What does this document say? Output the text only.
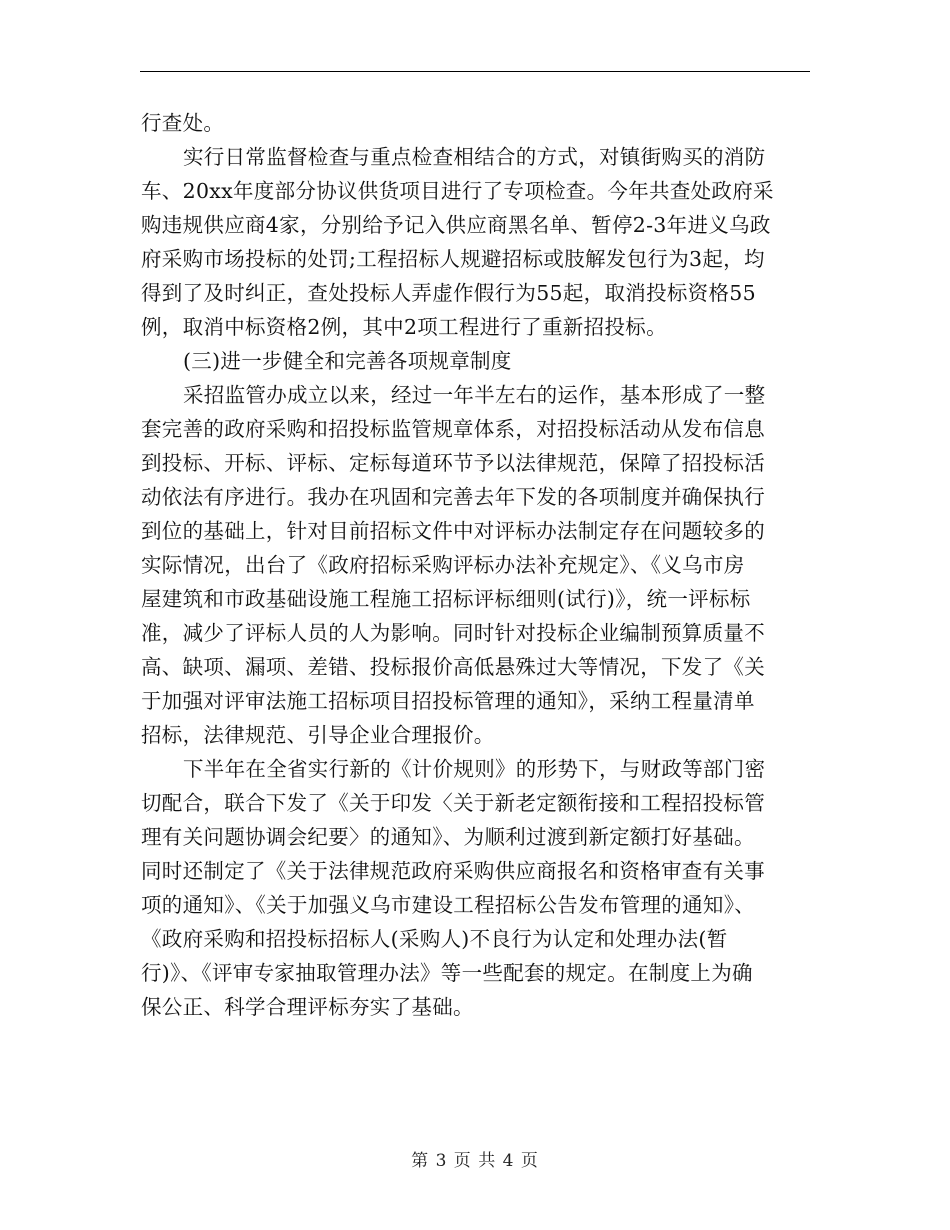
行查处。
实行日常监督检查与重点检查相结合的方式，对镇街购买的消防
车、20xx年度部分协议供货项目进行了专项检查。今年共查处政府采
购违规供应商4家，分别给予记入供应商黑名单、暂停2-3年进义乌政
府采购市场投标的处罚;工程招标人规避招标或肢解发包行为3起，均
得到了及时纠正，查处投标人弄虚作假行为55起，取消投标资格55
例，取消中标资格2例，其中2项工程进行了重新招投标。
(三)进一步健全和完善各项规章制度
采招监管办成立以来，经过一年半左右的运作，基本形成了一整
套完善的政府采购和招投标监管规章体系，对招投标活动从发布信息
到投标、开标、评标、定标每道环节予以法律规范，保障了招投标活
动依法有序进行。我办在巩固和完善去年下发的各项制度并确保执行
到位的基础上，针对目前招标文件中对评标办法制定存在问题较多的
实际情况，出台了《政府招标采购评标办法补充规定》、《义乌市房
屋建筑和市政基础设施工程施工招标评标细则(试行)》，统一评标标
准，减少了评标人员的人为影响。同时针对投标企业编制预算质量不
高、缺项、漏项、差错、投标报价高低悬殊过大等情况，下发了《关
于加强对评审法施工招标项目招投标管理的通知》，采纳工程量清单
招标，法律规范、引导企业合理报价。
下半年在全省实行新的《计价规则》的形势下，与财政等部门密
切配合，联合下发了《关于印发〈关于新老定额衔接和工程招投标管
理有关问题协调会纪要〉的通知》、为顺利过渡到新定额打好基础。
同时还制定了《关于法律规范政府采购供应商报名和资格审查有关事
项的通知》、《关于加强义乌市建设工程招标公告发布管理的通知》、
《政府采购和招投标招标人(采购人)不良行为认定和处理办法(暂
行)》、《评审专家抽取管理办法》等一些配套的规定。在制度上为确
保公正、科学合理评标夯实了基础。
第 3 页 共 4 页
